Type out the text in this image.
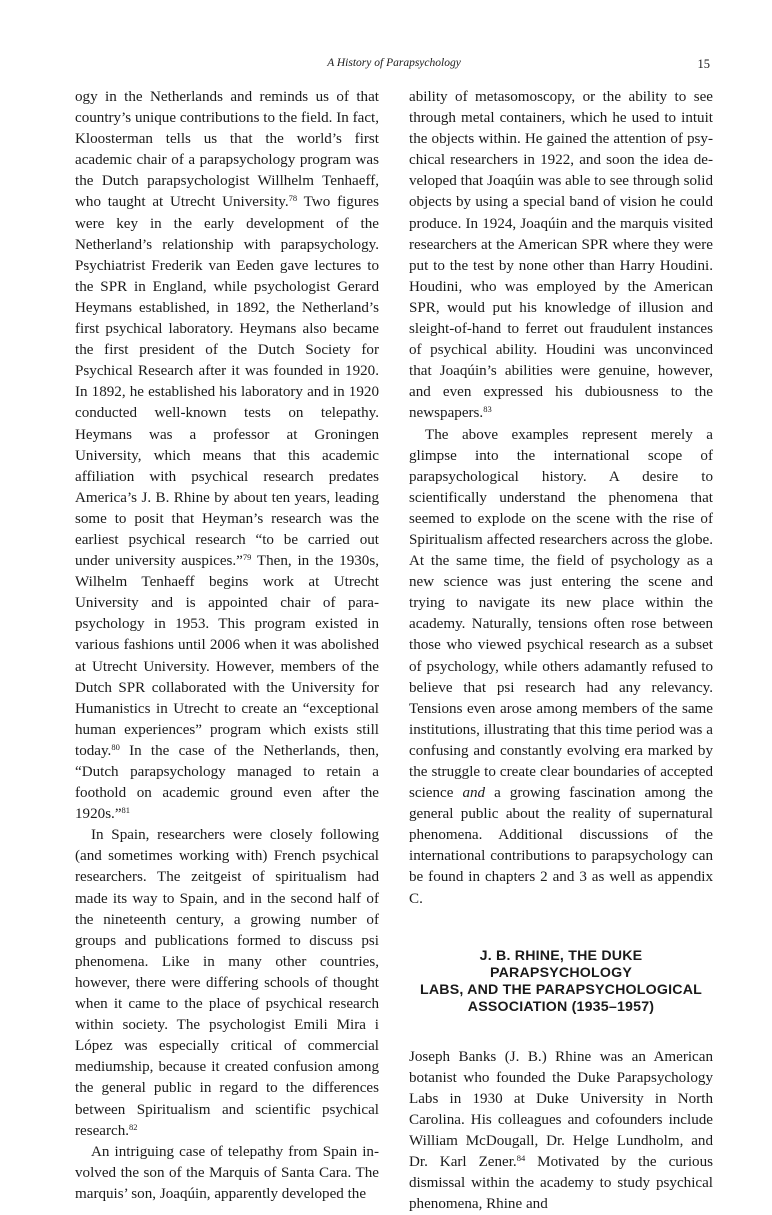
A History of Parapsychology	15

ogy in the Netherlands and reminds us of that country’s unique contributions to the field. In fact, Kloosterman tells us that the world’s first academic chair of a parapsychology program was the Dutch parapsychologist Willhelm Tenhaeff, who taught at Utrecht University.$^{78}$ Two figures were key in the early development of the Netherland’s relationship with parapsychology. Psychiatrist Frederik van Eeden gave lectures to the SPR in England, while psychologist Gerard Heymans established, in 1892, the Netherland’s first psychical laboratory. Heymans also became the first president of the Dutch Society for Psychical Research after it was founded in 1920. In 1892, he established his laboratory and in 1920 conducted well-known tests on telepathy. Heymans was a professor at Groningen University, which means that this academic affiliation with psychical research predates America’s J. B. Rhine by about ten years, leading some to posit that Heyman’s research was the earliest psychical research “to be carried out under university auspices.”$^{79}$ Then, in the 1930s, Wilhelm Tenhaeff begins work at Utrecht University and is appointed chair of parapsychology in 1953. This program existed in various fashions until 2006 when it was abolished at Utrecht University. However, members of the Dutch SPR collaborated with the University for Humanistics in Utrecht to create an “exceptional human experiences” program which exists still today.$^{80}$ In the case of the Netherlands, then, “Dutch parapsychology managed to retain a foothold on academic ground even after the 1920s.”$^{81}$

In Spain, researchers were closely following (and sometimes working with) French psychical researchers. The zeitgeist of spiritualism had made its way to Spain, and in the second half of the nineteenth century, a growing number of groups and publications formed to discuss psi phenomena. Like in many other countries, however, there were differing schools of thought when it came to the place of psychical research within society. The psychologist Emili Mira i López was especially critical of commercial mediumship, because it created confusion among the general public in regard to the differences between Spiritualism and scientific psychical research.$^{82}$

An intriguing case of telepathy from Spain involved the son of the Marquis of Santa Cara. The marquis’ son, Joaqúin, apparently developed the

ability of metasomoscopy, or the ability to see through metal containers, which he used to intuit the objects within. He gained the attention of psychical researchers in 1922, and soon the idea developed that Joaqúin was able to see through solid objects by using a special band of vision he could produce. In 1924, Joaqúin and the marquis visited researchers at the American SPR where they were put to the test by none other than Harry Houdini. Houdini, who was employed by the American SPR, would put his knowledge of illusion and sleight-of-hand to ferret out fraudulent instances of psychical ability. Houdini was unconvinced that Joaqúin’s abilities were genuine, however, and even expressed his dubiousness to the newspapers.$^{83}$

The above examples represent merely a glimpse into the international scope of parapsychological history. A desire to scientifically understand the phenomena that seemed to explode on the scene with the rise of Spiritualism affected researchers across the globe. At the same time, the field of psychology as a new science was just entering the scene and trying to navigate its new place within the academy. Naturally, tensions often rose between those who viewed psychical research as a subset of psychology, while others adamantly refused to believe that psi research had any relevancy. Tensions even arose among members of the same institutions, illustrating that this time period was a confusing and constantly evolving era marked by the struggle to create clear boundaries of accepted science and a growing fascination among the general public about the reality of supernatural phenomena. Additional discussions of the international contributions to parapsychology can be found in chapters 2 and 3 as well as appendix C.

J. B. RHINE, THE DUKE PARAPSYCHOLOGY
LABS, AND THE PARAPSYCHOLOGICAL
ASSOCIATION (1935–1957)

Joseph Banks (J. B.) Rhine was an American botanist who founded the Duke Parapsychology Labs in 1930 at Duke University in North Carolina. His colleagues and cofounders include William McDougall, Dr. Helge Lundholm, and Dr. Karl Zener.$^{84}$ Motivated by the curious dismissal within the academy to study psychical phenomena, Rhine and
